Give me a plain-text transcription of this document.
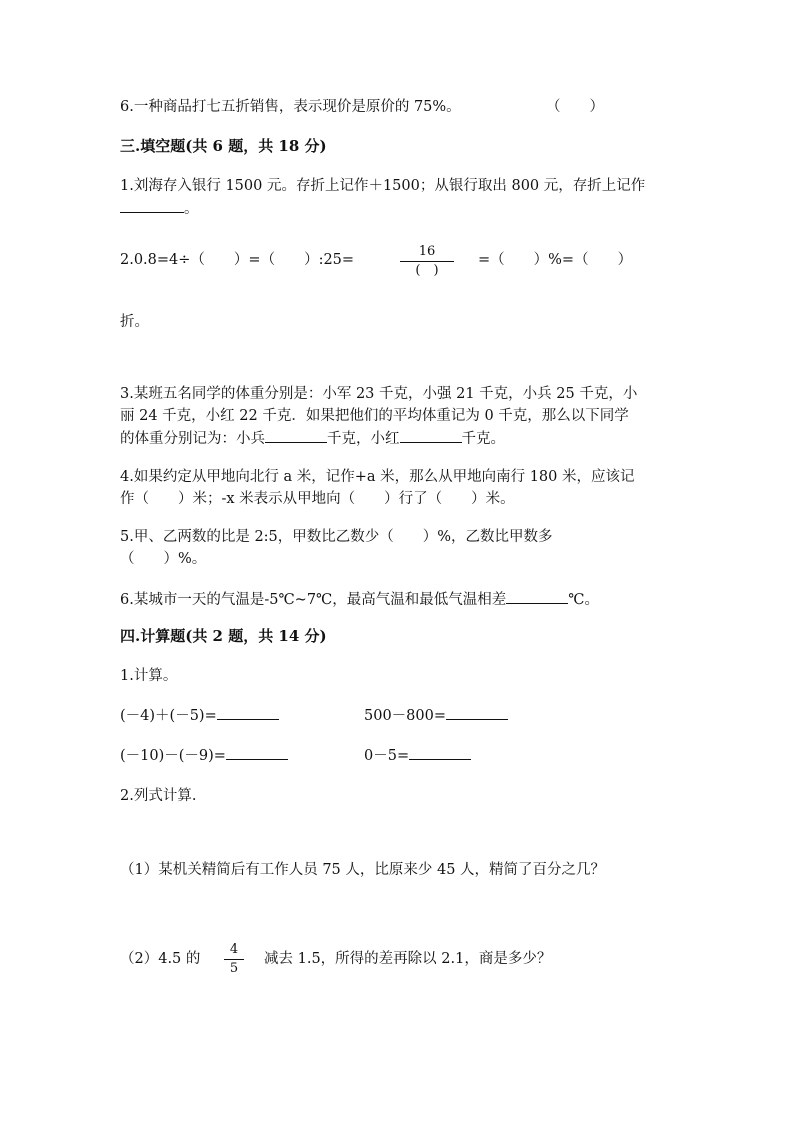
6.一种商品打七五折销售，表示现价是原价的 75%。	（　　）
三.填空题(共 6 题，共 18 分)
1.刘海存入银行 1500 元。存折上记作＋1500；从银行取出 800 元，存折上记作
。
2.0.8=4÷（　　）=（　　）:25=
16
(　)
=（　　）%=（　　）
折。
3.某班五名同学的体重分别是：小军 23 千克，小强 21 千克，小兵 25 千克，小
丽 24 千克，小红 22 千克．如果把他们的平均体重记为 0 千克，那么以下同学
的体重分别记为：小兵	千克，小红	千克。
4.如果约定从甲地向北行 a 米，记作+a 米，那么从甲地向南行 180 米，应该记
作（　　）米；-x 米表示从甲地向（　　）行了（　　）米。
5.甲、乙两数的比是 2:5，甲数比乙数少（　　）%，乙数比甲数多
（　　）%。
6.某城市一天的气温是-5℃~7℃，最高气温和最低气温相差	℃。
四.计算题(共 2 题，共 14 分)
1.计算。
(－4)＋(－5)=	500－800=
(－10)－(－9)=	0－5=
2.列式计算.
（1）某机关精简后有工作人员 75 人，比原来少 45 人，精简了百分之几？
（2）4.5 的
4
5
减去 1.5，所得的差再除以 2.1，商是多少？
